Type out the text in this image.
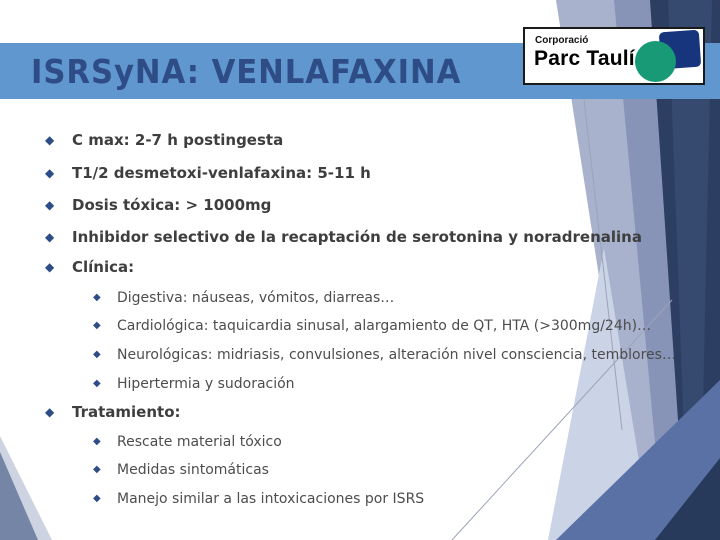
ISRSyNA: VENLAFAXINA
Corporació
Parc Taulí
◆	C max: 2-7 h postingesta
◆	T1/2 desmetoxi-venlafaxina: 5-11 h
◆	Dosis tóxica: > 1000mg
◆	Inhibidor selectivo de la recaptación de serotonina y noradrenalina
◆	Clínica:
◆	Digestiva: náuseas, vómitos, diarreas…
◆	Cardiológica: taquicardia sinusal, alargamiento de QT, HTA (>300mg/24h)…
◆	Neurológicas: midriasis, convulsiones, alteración nivel consciencia, temblores…
◆	Hipertermia y sudoración
◆	Tratamiento:
◆	Rescate material tóxico
◆	Medidas sintomáticas
◆	Manejo similar a las intoxicaciones por ISRS
